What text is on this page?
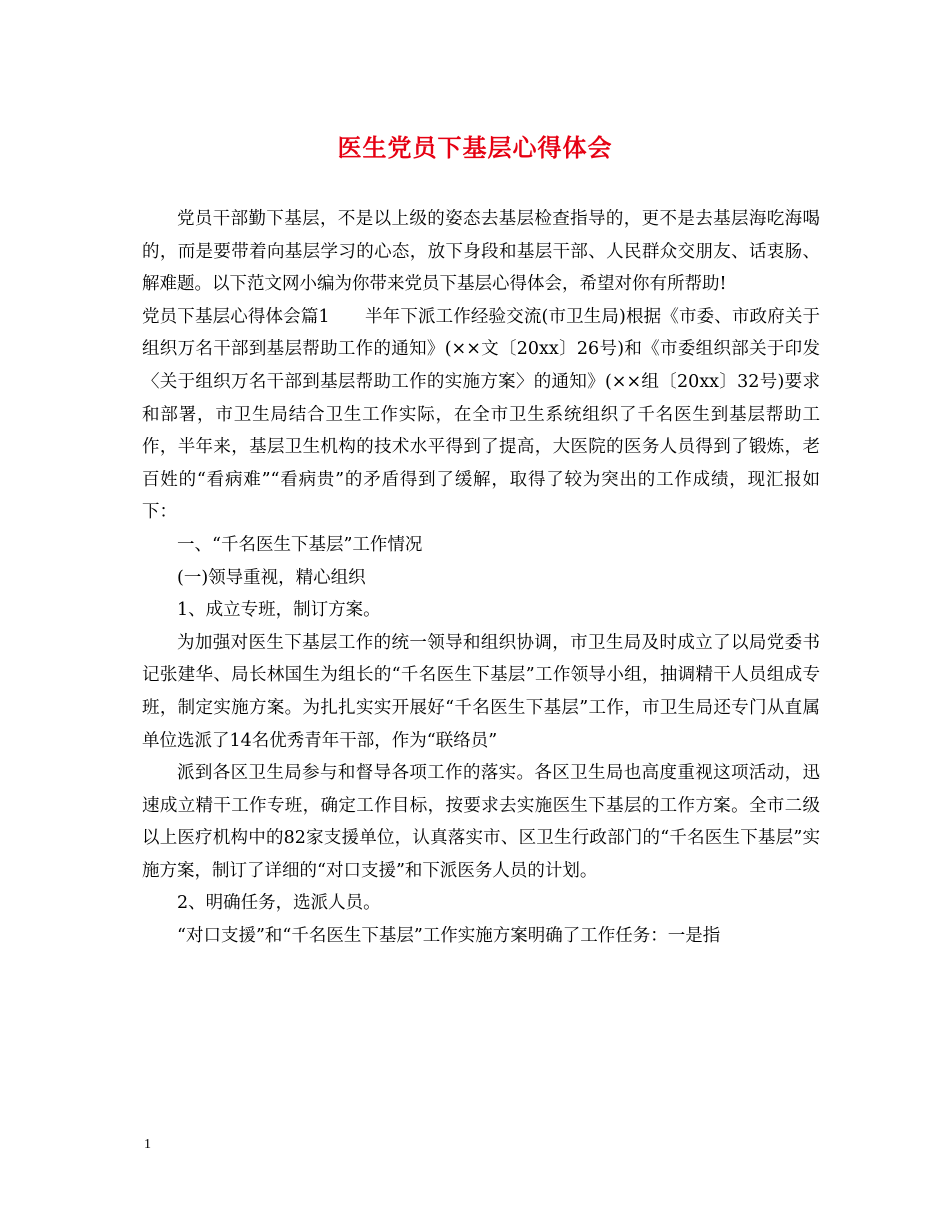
医生党员下基层心得体会

党员干部勤下基层，不是以上级的姿态去基层检查指导的，更不是去基层海吃海喝的，而是要带着向基层学习的心态，放下身段和基层干部、人民群众交朋友、话衷肠、解难题。以下范文网小编为你带来党员下基层心得体会，希望对你有所帮助!

党员下基层心得体会篇1　　半年下派工作经验交流(市卫生局)根据《市委、市政府关于组织万名干部到基层帮助工作的通知》(××文〔20xx〕26号)和《市委组织部关于印发〈关于组织万名干部到基层帮助工作的实施方案〉的通知》(××组〔20xx〕32号)要求和部署，市卫生局结合卫生工作实际，在全市卫生系统组织了千名医生到基层帮助工作，半年来，基层卫生机构的技术水平得到了提高，大医院的医务人员得到了锻炼，老百姓的“看病难”“看病贵”的矛盾得到了缓解，取得了较为突出的工作成绩，现汇报如下：

一、“千名医生下基层”工作情况

(一)领导重视，精心组织

1、成立专班，制订方案。

为加强对医生下基层工作的统一领导和组织协调，市卫生局及时成立了以局党委书记张建华、局长林国生为组长的“千名医生下基层”工作领导小组，抽调精干人员组成专班，制定实施方案。为扎扎实实开展好“千名医生下基层”工作，市卫生局还专门从直属单位选派了14名优秀青年干部，作为“联络员”

派到各区卫生局参与和督导各项工作的落实。各区卫生局也高度重视这项活动，迅速成立精干工作专班，确定工作目标，按要求去实施医生下基层的工作方案。全市二级以上医疗机构中的82家支援单位，认真落实市、区卫生行政部门的“千名医生下基层”实施方案，制订了详细的“对口支援”和下派医务人员的计划。

2、明确任务，选派人员。

“对口支援”和“千名医生下基层”工作实施方案明确了工作任务：一是指

1
